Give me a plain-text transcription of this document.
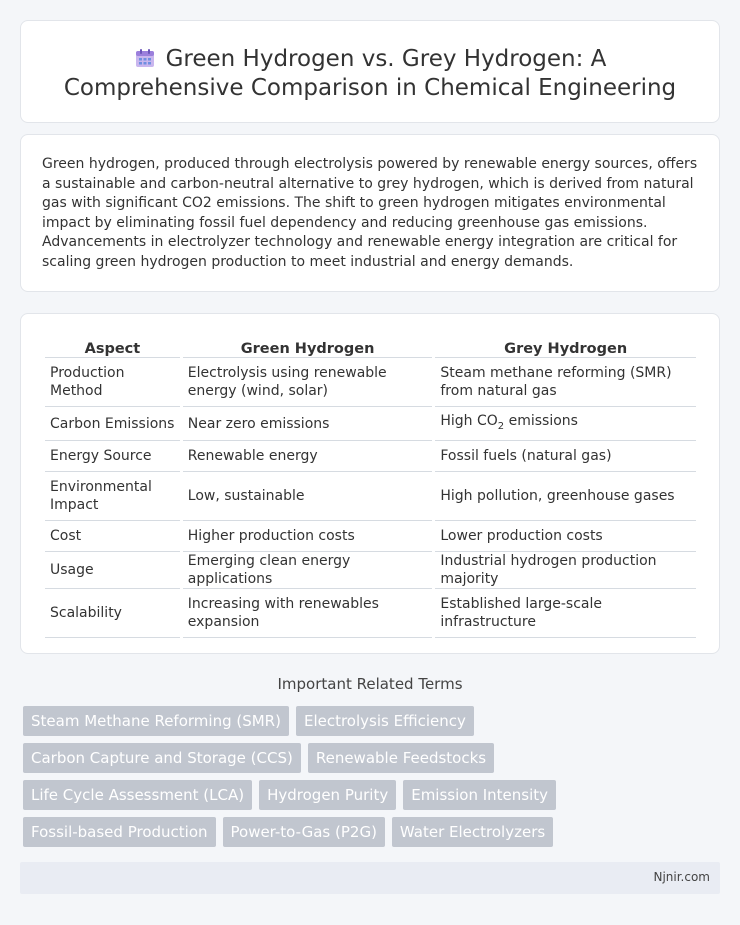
Green Hydrogen vs. Grey Hydrogen: A Comprehensive Comparison in Chemical Engineering

Green hydrogen, produced through electrolysis powered by renewable energy sources, offers a sustainable and carbon-neutral alternative to grey hydrogen, which is derived from natural gas with significant CO2 emissions. The shift to green hydrogen mitigates environmental impact by eliminating fossil fuel dependency and reducing greenhouse gas emissions. Advancements in electrolyzer technology and renewable energy integration are critical for scaling green hydrogen production to meet industrial and energy demands.

Aspect	Green Hydrogen	Grey Hydrogen
Production Method	Electrolysis using renewable energy (wind, solar)	Steam methane reforming (SMR) from natural gas
Carbon Emissions	Near zero emissions	High $CO_2$ emissions
Energy Source	Renewable energy	Fossil fuels (natural gas)
Environmental Impact	Low, sustainable	High pollution, greenhouse gases
Cost	Higher production costs	Lower production costs
Usage	Emerging clean energy applications	Industrial hydrogen production majority
Scalability	Increasing with renewables expansion	Established large-scale infrastructure
Important Related Terms
Steam Methane Reforming (SMR)	Electrolysis Efficiency
Carbon Capture and Storage (CCS)	Renewable Feedstocks
Life Cycle Assessment (LCA)	Hydrogen Purity	Emission Intensity
Fossil-based Production	Power-to-Gas (P2G)	Water Electrolyzers
Njnir.com
